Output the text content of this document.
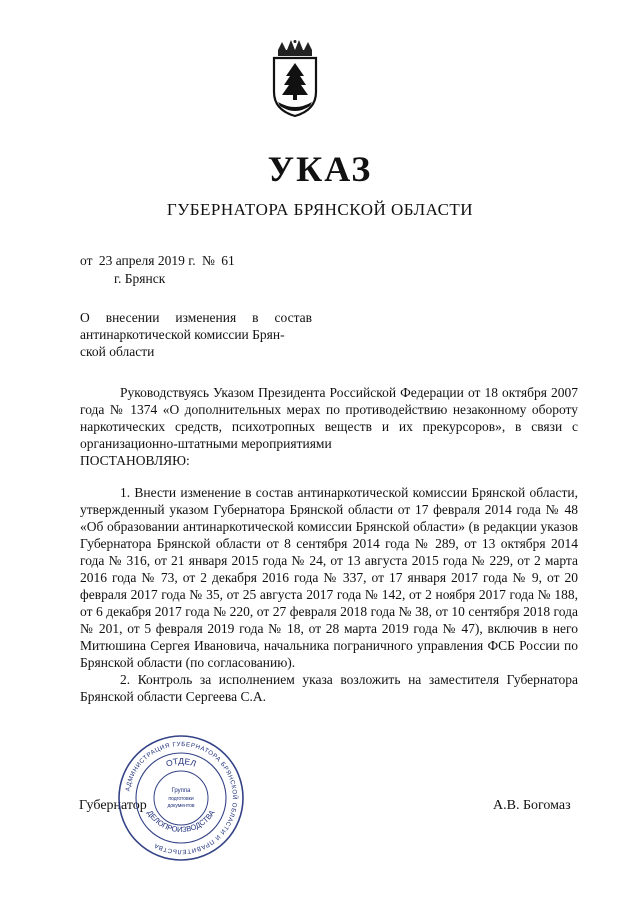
УКАЗ
ГУБЕРНАТОРА БРЯНСКОЙ ОБЛАСТИ
от 23 апреля 2019 г. № 61
г. Брянск
О внесении изменения в состав
антинаркотической комиссии Брян-
ской области

Руководствуясь Указом Президента Российской Федерации от 18 октября 2007 года № 1374 «О дополнительных мерах по противодействию незаконному обороту наркотических средств, психотропных веществ и их прекурсоров», в связи с организационно-штатными мероприятиями

ПОСТАНОВЛЯЮ:

1. Внести изменение в состав антинаркотической комиссии Брянской области, утвержденный указом Губернатора Брянской области от 17 февраля 2014 года № 48 «Об образовании антинаркотической комиссии Брянской области» (в редакции указов Губернатора Брянской области от 8 сентября 2014 года № 289, от 13 октября 2014 года № 316, от 21 января 2015 года № 24, от 13 августа 2015 года № 229, от 2 марта 2016 года № 73, от 2 декабря 2016 года № 337, от 17 января 2017 года № 9, от 20 февраля 2017 года № 35, от 25 августа 2017 года № 142, от 2 ноября 2017 года № 188, от 6 декабря 2017 года № 220, от 27 февраля 2018 года № 38, от 10 сентября 2018 года № 201, от 5 февраля 2019 года № 18, от 28 марта 2019 года № 47), включив в него Митюшина Сергея Ивановича, начальника пограничного управления ФСБ России по Брянской области (по согласованию).

2. Контроль за исполнением указа возложить на заместителя Губернатора Брянской области Сергеева С.А.

Губернатор	А.В. Богомаз
АДМИНИСТРАЦИЯ ГУБЕРНАТОРА БРЯНСКОЙ ОБЛАСТИ И ПРАВИТЕЛЬСТВА
ОТДЕЛ
ДЕЛОПРОИЗВОДСТВА
Группа
подготовки
документов
